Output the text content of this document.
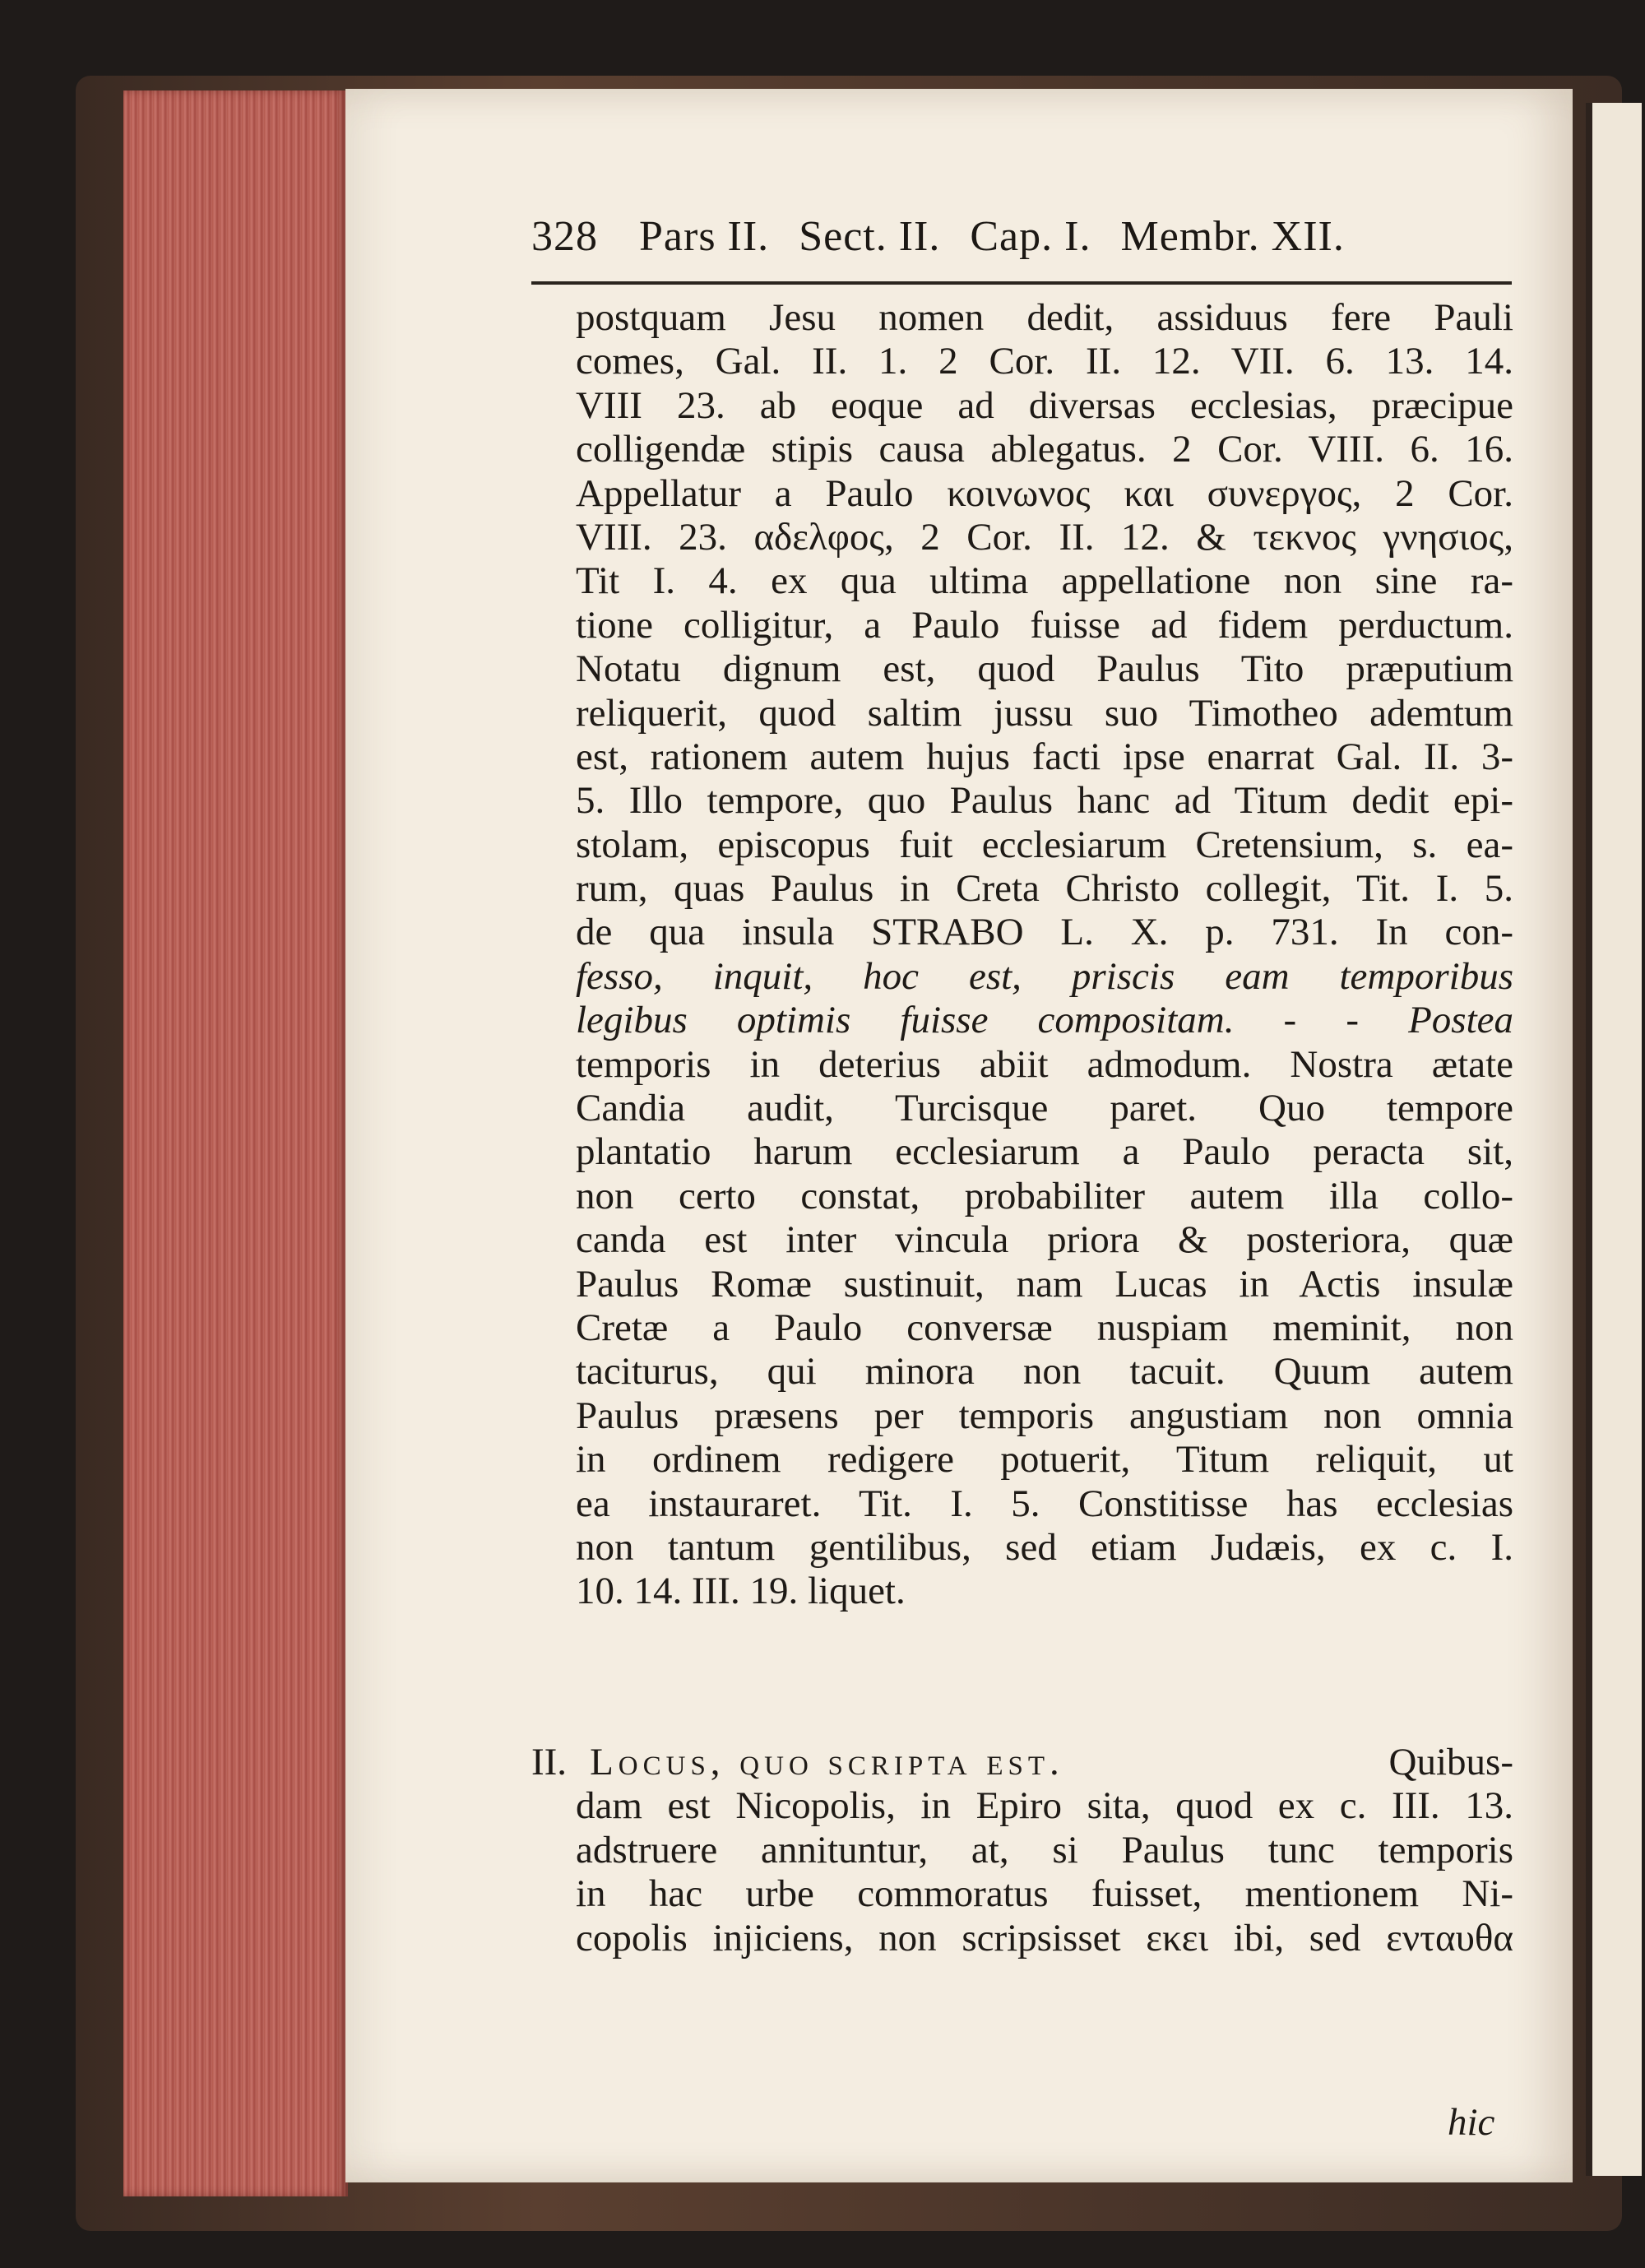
328 Pars II. Sect. II. Cap. I. Membr. XII.
postquam Jesu nomen dedit, assiduus fere Pauli
comes, Gal. II. 1. 2 Cor. II. 12. VII. 6. 13. 14.
VIII 23. ab eoque ad diversas ecclesias, præcipue
colligendæ stipis causa ablegatus. 2 Cor. VIII. 6. 16.
Appellatur a Paulo κοινωνος και συνεργος, 2 Cor.
VIII. 23. αδελφος, 2 Cor. II. 12. & τεκνος γνησιος,
Tit I. 4. ex qua ultima appellatione non sine ra-
tione colligitur, a Paulo fuisse ad fidem perductum.
Notatu dignum est, quod Paulus Tito præputium
reliquerit, quod saltim jussu suo Timotheo ademtum
est, rationem autem hujus facti ipse enarrat Gal. II. 3-
5. Illo tempore, quo Paulus hanc ad Titum dedit epi-
stolam, episcopus fuit ecclesiarum Cretensium, s. ea-
rum, quas Paulus in Creta Christo collegit, Tit. I. 5.
de qua insula STRABO L. X. p. 731. In con-
fesso, inquit, hoc est, priscis eam temporibus
legibus optimis fuisse compositam. - - Postea
temporis in deterius abiit admodum. Nostra ætate
Candia audit, Turcisque paret. Quo tempore
plantatio harum ecclesiarum a Paulo peracta sit,
non certo constat, probabiliter autem illa collo-
canda est inter vincula priora & posteriora, quæ
Paulus Romæ sustinuit, nam Lucas in Actis insulæ
Cretæ a Paulo conversæ nuspiam meminit, non
taciturus, qui minora non tacuit. Quum autem
Paulus præsens per temporis angustiam non omnia
in ordinem redigere potuerit, Titum reliquit, ut
ea instauraret. Tit. I. 5. Constitisse has ecclesias
non tantum gentilibus, sed etiam Judæis, ex c. I.
10. 14. III. 19. liquet.
II. Locus, quo scripta est.	Quibus-
dam est Nicopolis, in Epiro sita, quod ex c. III. 13.
adstruere annituntur, at, si Paulus tunc temporis
in hac urbe commoratus fuisset, mentionem Ni-
copolis injiciens, non scripsisset εκει ibi, sed ενταυθα
hic
